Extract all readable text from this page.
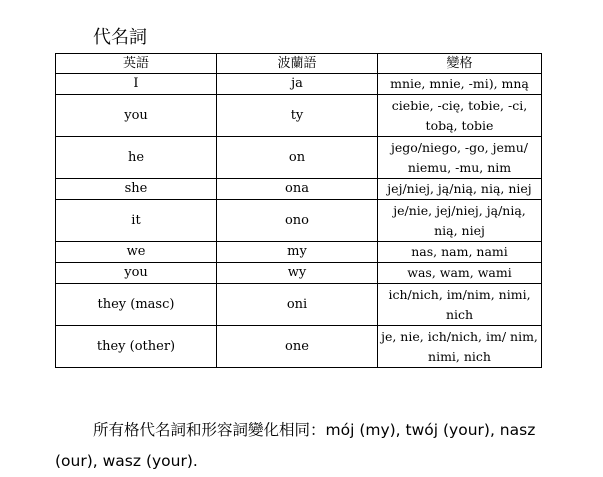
代名詞
英語	波蘭語	變格
I	ja	mnie, mnie, -mi), mną
you	ty	ciebie, -cię, tobie, -ci, tobą, tobie
he	on	jego/niego, -go, jemu/ niemu, -mu, nim
she	ona	jej/niej, ją/nią, nią, niej
it	ono	je/nie, jej/niej, ją/nią, nią, niej
we	my	nas, nam, nami
you	wy	was, wam, wami
they (masc)	oni	ich/nich, im/nim, nimi, nich
they (other)	one	je, nie, ich/nich, im/ nim, nimi, nich

所有格代名詞和形容詞變化相同：mój (my), twój (your), nasz (our), wasz (your).
